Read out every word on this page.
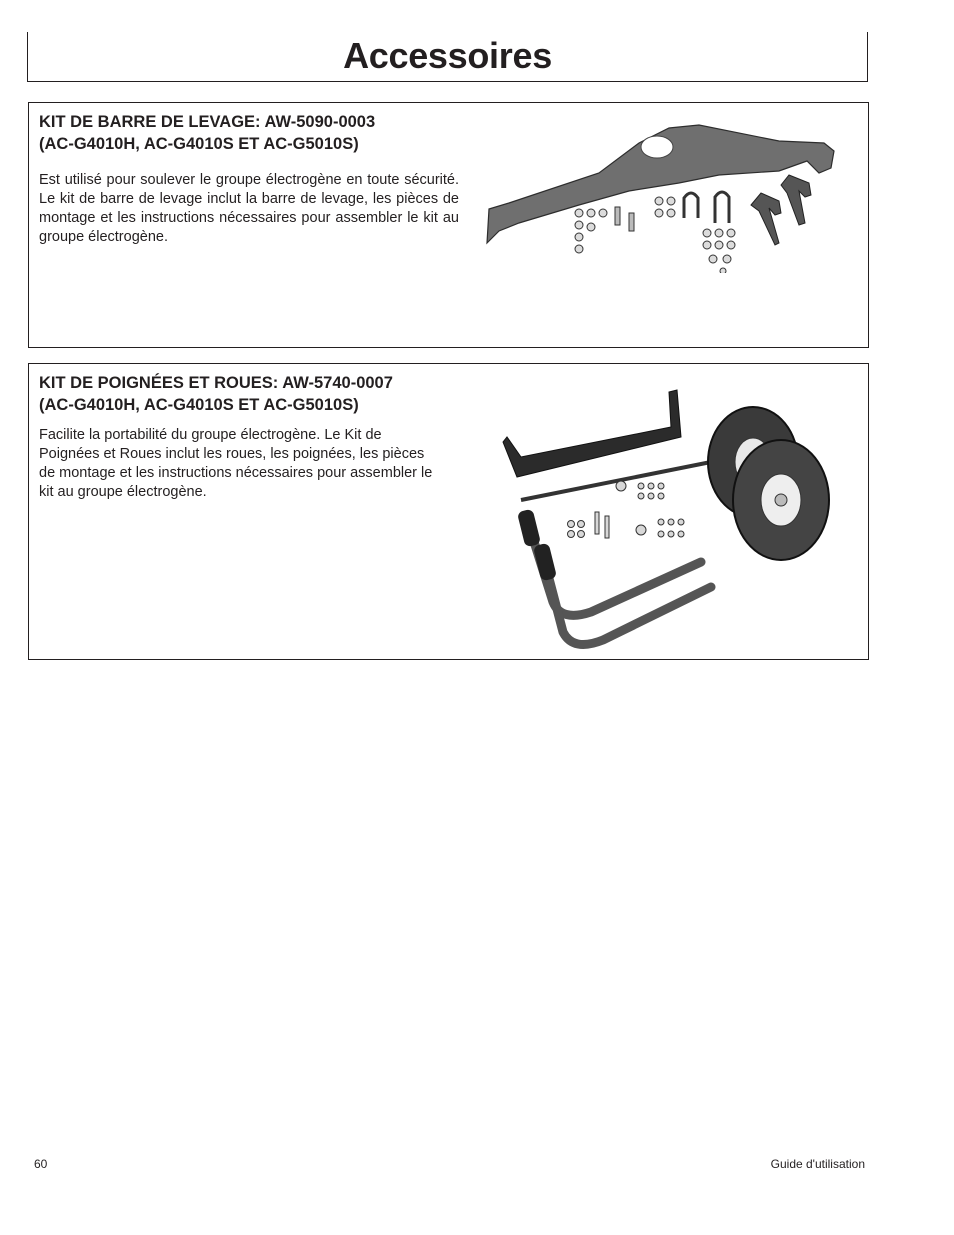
Accessoires
KIT DE BARRE DE LEVAGE: AW-5090-0003
(AC-G4010H, AC-G4010S ET AC-G5010S)

Est utilisé pour soulever le groupe électrogène en toute sécurité. Le kit de barre de levage inclut la barre de levage, les pièces de montage et les instructions nécessaires pour assembler le kit au groupe électrogène.

KIT DE POIGNÉES ET ROUES: AW-5740-0007
(AC-G4010H, AC-G4010S ET AC-G5010S)

Facilite la portabilité du groupe électrogène. Le Kit de Poignées et Roues inclut les roues, les poignées, les pièces de montage et les instructions nécessaires pour assembler le kit au groupe électrogène.

60	Guide d'utilisation
